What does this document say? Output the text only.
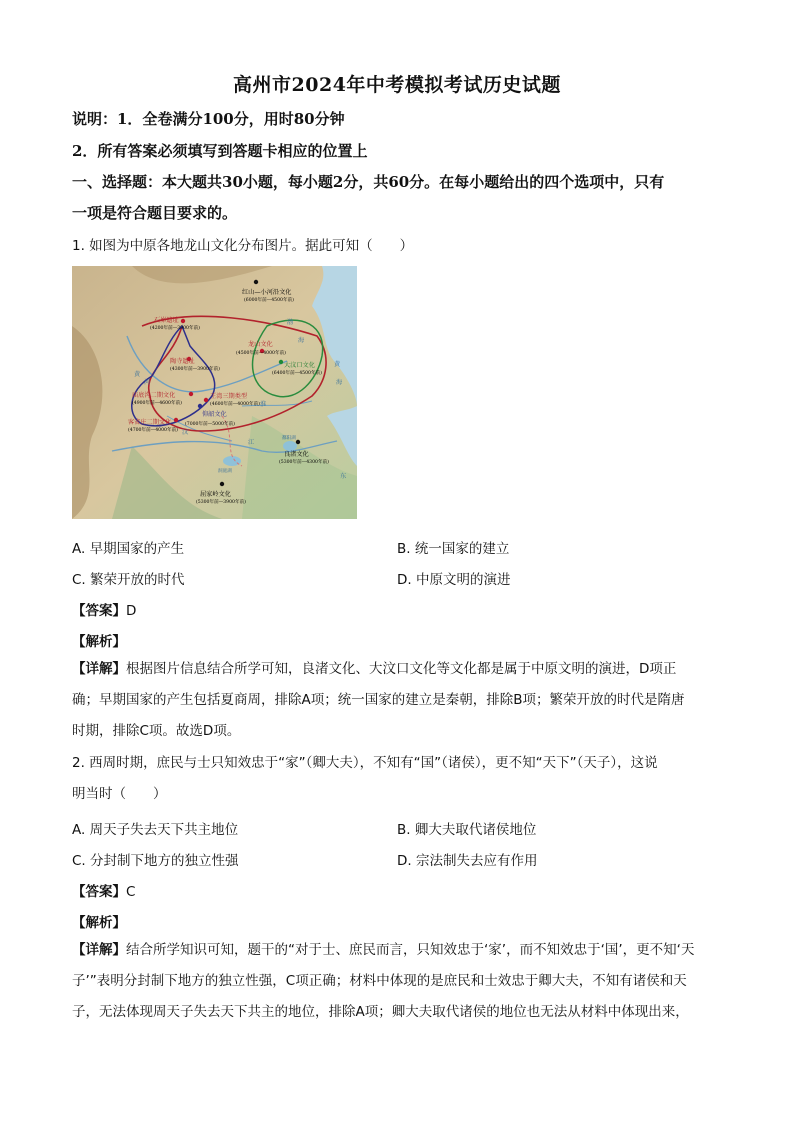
高州市2024年中考模拟考试历史试题
说明：1．全卷满分100分，用时80分钟
2．所有答案必须填写到答题卡相应的位置上
一、选择题：本大题共30小题，每小题2分，共60分。在每小题给出的四个选项中，只有
一项是符合题目要求的。
1. 如图为中原各地龙山文化分布图片。据此可知（　　）
红山—小河沿文化
(6000年前—4500年前)
石峁遗址
(4200年前—3900年前)
龙山文化
(4500年前—4000年前)
陶寺遗址
(4300年前—3900年前)
大汶口文化
(6400年前—4500年前)
庙底沟二期文化
(4900年前—4600年前)
王湾三期类型
(4600年前—4000年前)
仰韶文化
(7000年前—5000年前)
客省庄二期文化
(4700年前—4000年前)
良渚文化
(5300年前—4300年前)
屈家岭文化
(5300年前—3900年前)
黄
河
渤
海
黄
海
淮
汉
江
东
洞庭湖
鄱阳湖
A. 早期国家的产生	B. 统一国家的建立
C. 繁荣开放的时代	D. 中原文明的演进
【答案】D
【解析】
【详解】根据图片信息结合所学可知，良渚文化、大汶口文化等文化都是属于中原文明的演进，D项正
确；早期国家的产生包括夏商周，排除A项；统一国家的建立是秦朝，排除B项；繁荣开放的时代是隋唐
时期，排除C项。故选D项。
2. 西周时期，庶民与士只知效忠于“家”（卿大夫），不知有“国”（诸侯），更不知“天下”（天子），这说
明当时（　　）
A. 周天子失去天下共主地位	B. 卿大夫取代诸侯地位
C. 分封制下地方的独立性强	D. 宗法制失去应有作用
【答案】C
【解析】
【详解】结合所学知识可知，题干的“对于士、庶民而言，只知效忠于‘家’，而不知效忠于‘国’，更不知‘天
子’”表明分封制下地方的独立性强，C项正确；材料中体现的是庶民和士效忠于卿大夫，不知有诸侯和天
子，无法体现周天子失去天下共主的地位，排除A项；卿大夫取代诸侯的地位也无法从材料中体现出来，
